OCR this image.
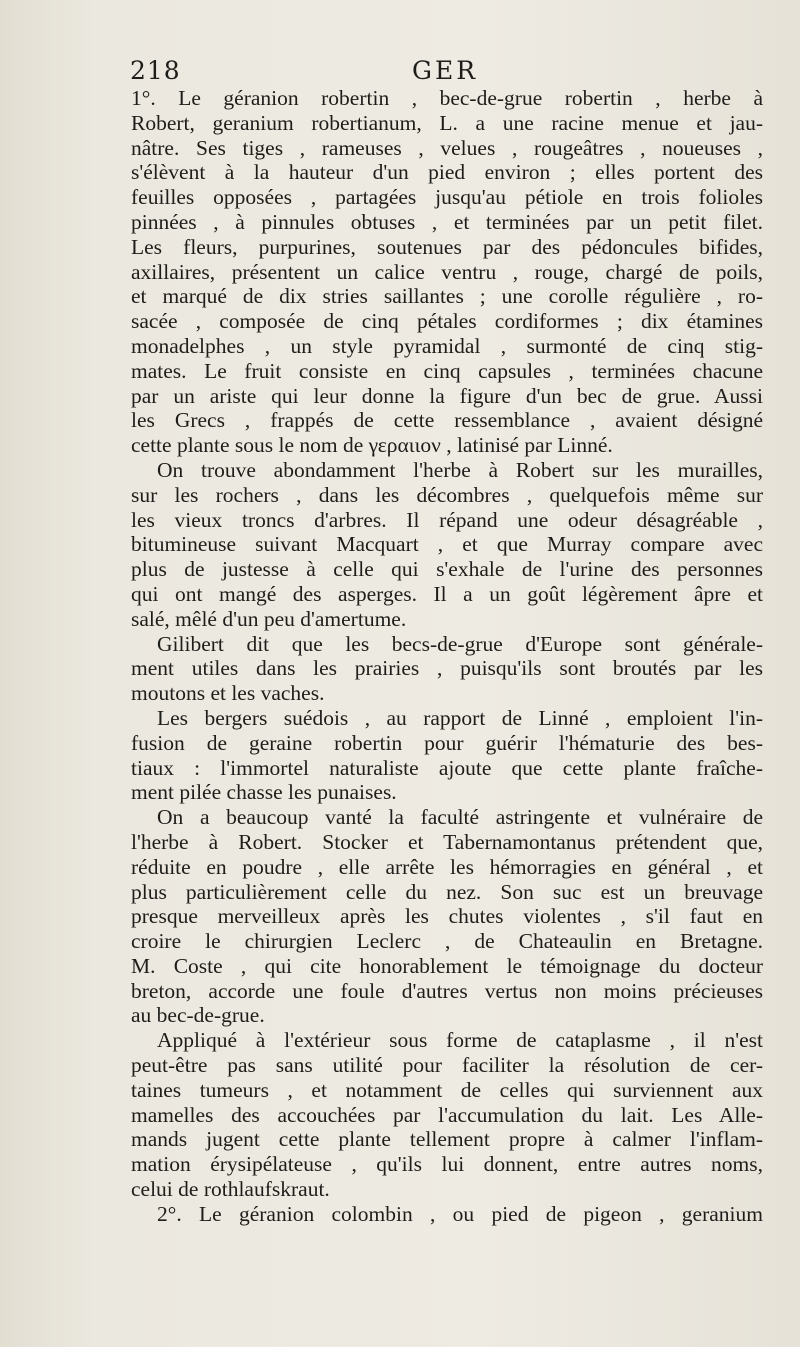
218	GER
1°. Le géranion robertin , bec-de-grue robertin , herbe à
Robert, geranium robertianum, L. a une racine menue et jau-
nâtre. Ses tiges , rameuses , velues , rougeâtres , noueuses ,
s'élèvent à la hauteur d'un pied environ ; elles portent des
feuilles opposées , partagées jusqu'au pétiole en trois folioles
pinnées , à pinnules obtuses , et terminées par un petit filet.
Les fleurs, purpurines, soutenues par des pédoncules bifides,
axillaires, présentent un calice ventru , rouge, chargé de poils,
et marqué de dix stries saillantes ; une corolle régulière , ro-
sacée , composée de cinq pétales cordiformes ; dix étamines
monadelphes , un style pyramidal , surmonté de cinq stig-
mates. Le fruit consiste en cinq capsules , terminées chacune
par un ariste qui leur donne la figure d'un bec de grue. Aussi
les Grecs , frappés de cette ressemblance , avaient désigné
cette plante sous le nom de γεραιιον , latinisé par Linné.
On trouve abondamment l'herbe à Robert sur les murailles,
sur les rochers , dans les décombres , quelquefois même sur
les vieux troncs d'arbres. Il répand une odeur désagréable ,
bitumineuse suivant Macquart , et que Murray compare avec
plus de justesse à celle qui s'exhale de l'urine des personnes
qui ont mangé des asperges. Il a un goût légèrement âpre et
salé, mêlé d'un peu d'amertume.
Gilibert dit que les becs-de-grue d'Europe sont générale-
ment utiles dans les prairies , puisqu'ils sont broutés par les
moutons et les vaches.
Les bergers suédois , au rapport de Linné , emploient l'in-
fusion de geraine robertin pour guérir l'hématurie des bes-
tiaux : l'immortel naturaliste ajoute que cette plante fraîche-
ment pilée chasse les punaises.
On a beaucoup vanté la faculté astringente et vulnéraire de
l'herbe à Robert. Stocker et Tabernamontanus prétendent que,
réduite en poudre , elle arrête les hémorragies en général , et
plus particulièrement celle du nez. Son suc est un breuvage
presque merveilleux après les chutes violentes , s'il faut en
croire le chirurgien Leclerc , de Chateaulin en Bretagne.
M. Coste , qui cite honorablement le témoignage du docteur
breton, accorde une foule d'autres vertus non moins précieuses
au bec-de-grue.
Appliqué à l'extérieur sous forme de cataplasme , il n'est
peut-être pas sans utilité pour faciliter la résolution de cer-
taines tumeurs , et notamment de celles qui surviennent aux
mamelles des accouchées par l'accumulation du lait. Les Alle-
mands jugent cette plante tellement propre à calmer l'inflam-
mation érysipélateuse , qu'ils lui donnent, entre autres noms,
celui de rothlaufskraut.
2°. Le géranion colombin , ou pied de pigeon , geranium
